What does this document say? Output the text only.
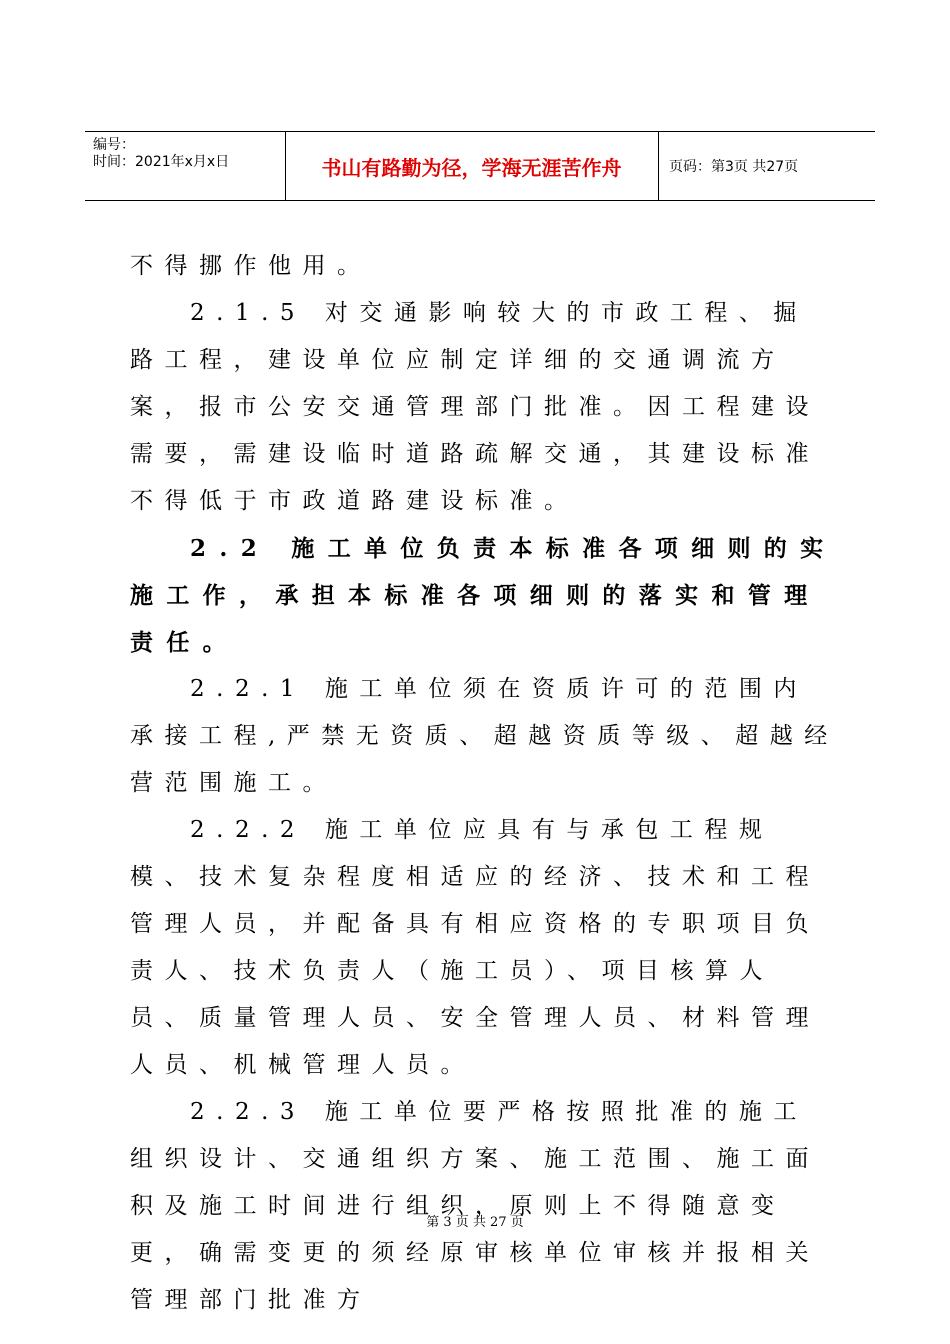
编号：
时间：2021年x月x日	书山有路勤为径，学海无涯苦作舟	页码：第3页 共27页

不得挪作他用。

2.1.5 对交通影响较大的市政工程、掘路工程，建设单位应制定详细的交通调流方案，报市公安交通管理部门批准。因工程建设需要，需建设临时道路疏解交通，其建设标准不得低于市政道路建设标准。

2.2 施工单位负责本标准各项细则的实施工作，承担本标准各项细则的落实和管理责任。

2.2.1 施工单位须在资质许可的范围内承接工程,严禁无资质、超越资质等级、超越经营范围施工。

2.2.2 施工单位应具有与承包工程规模、技术复杂程度相适应的经济、技术和工程管理人员，并配备具有相应资格的专职项目负责人、技术负责人（施工员）、项目核算人员、质量管理人员、安全管理人员、材料管理人员、机械管理人员。

2.2.3 施工单位要严格按照批准的施工组织设计、交通组织方案、施工范围、施工面积及施工时间进行组织，原则上不得随意变更，确需变更的须经原审核单位审核并报相关管理部门批准方

第 3 页 共 27 页
